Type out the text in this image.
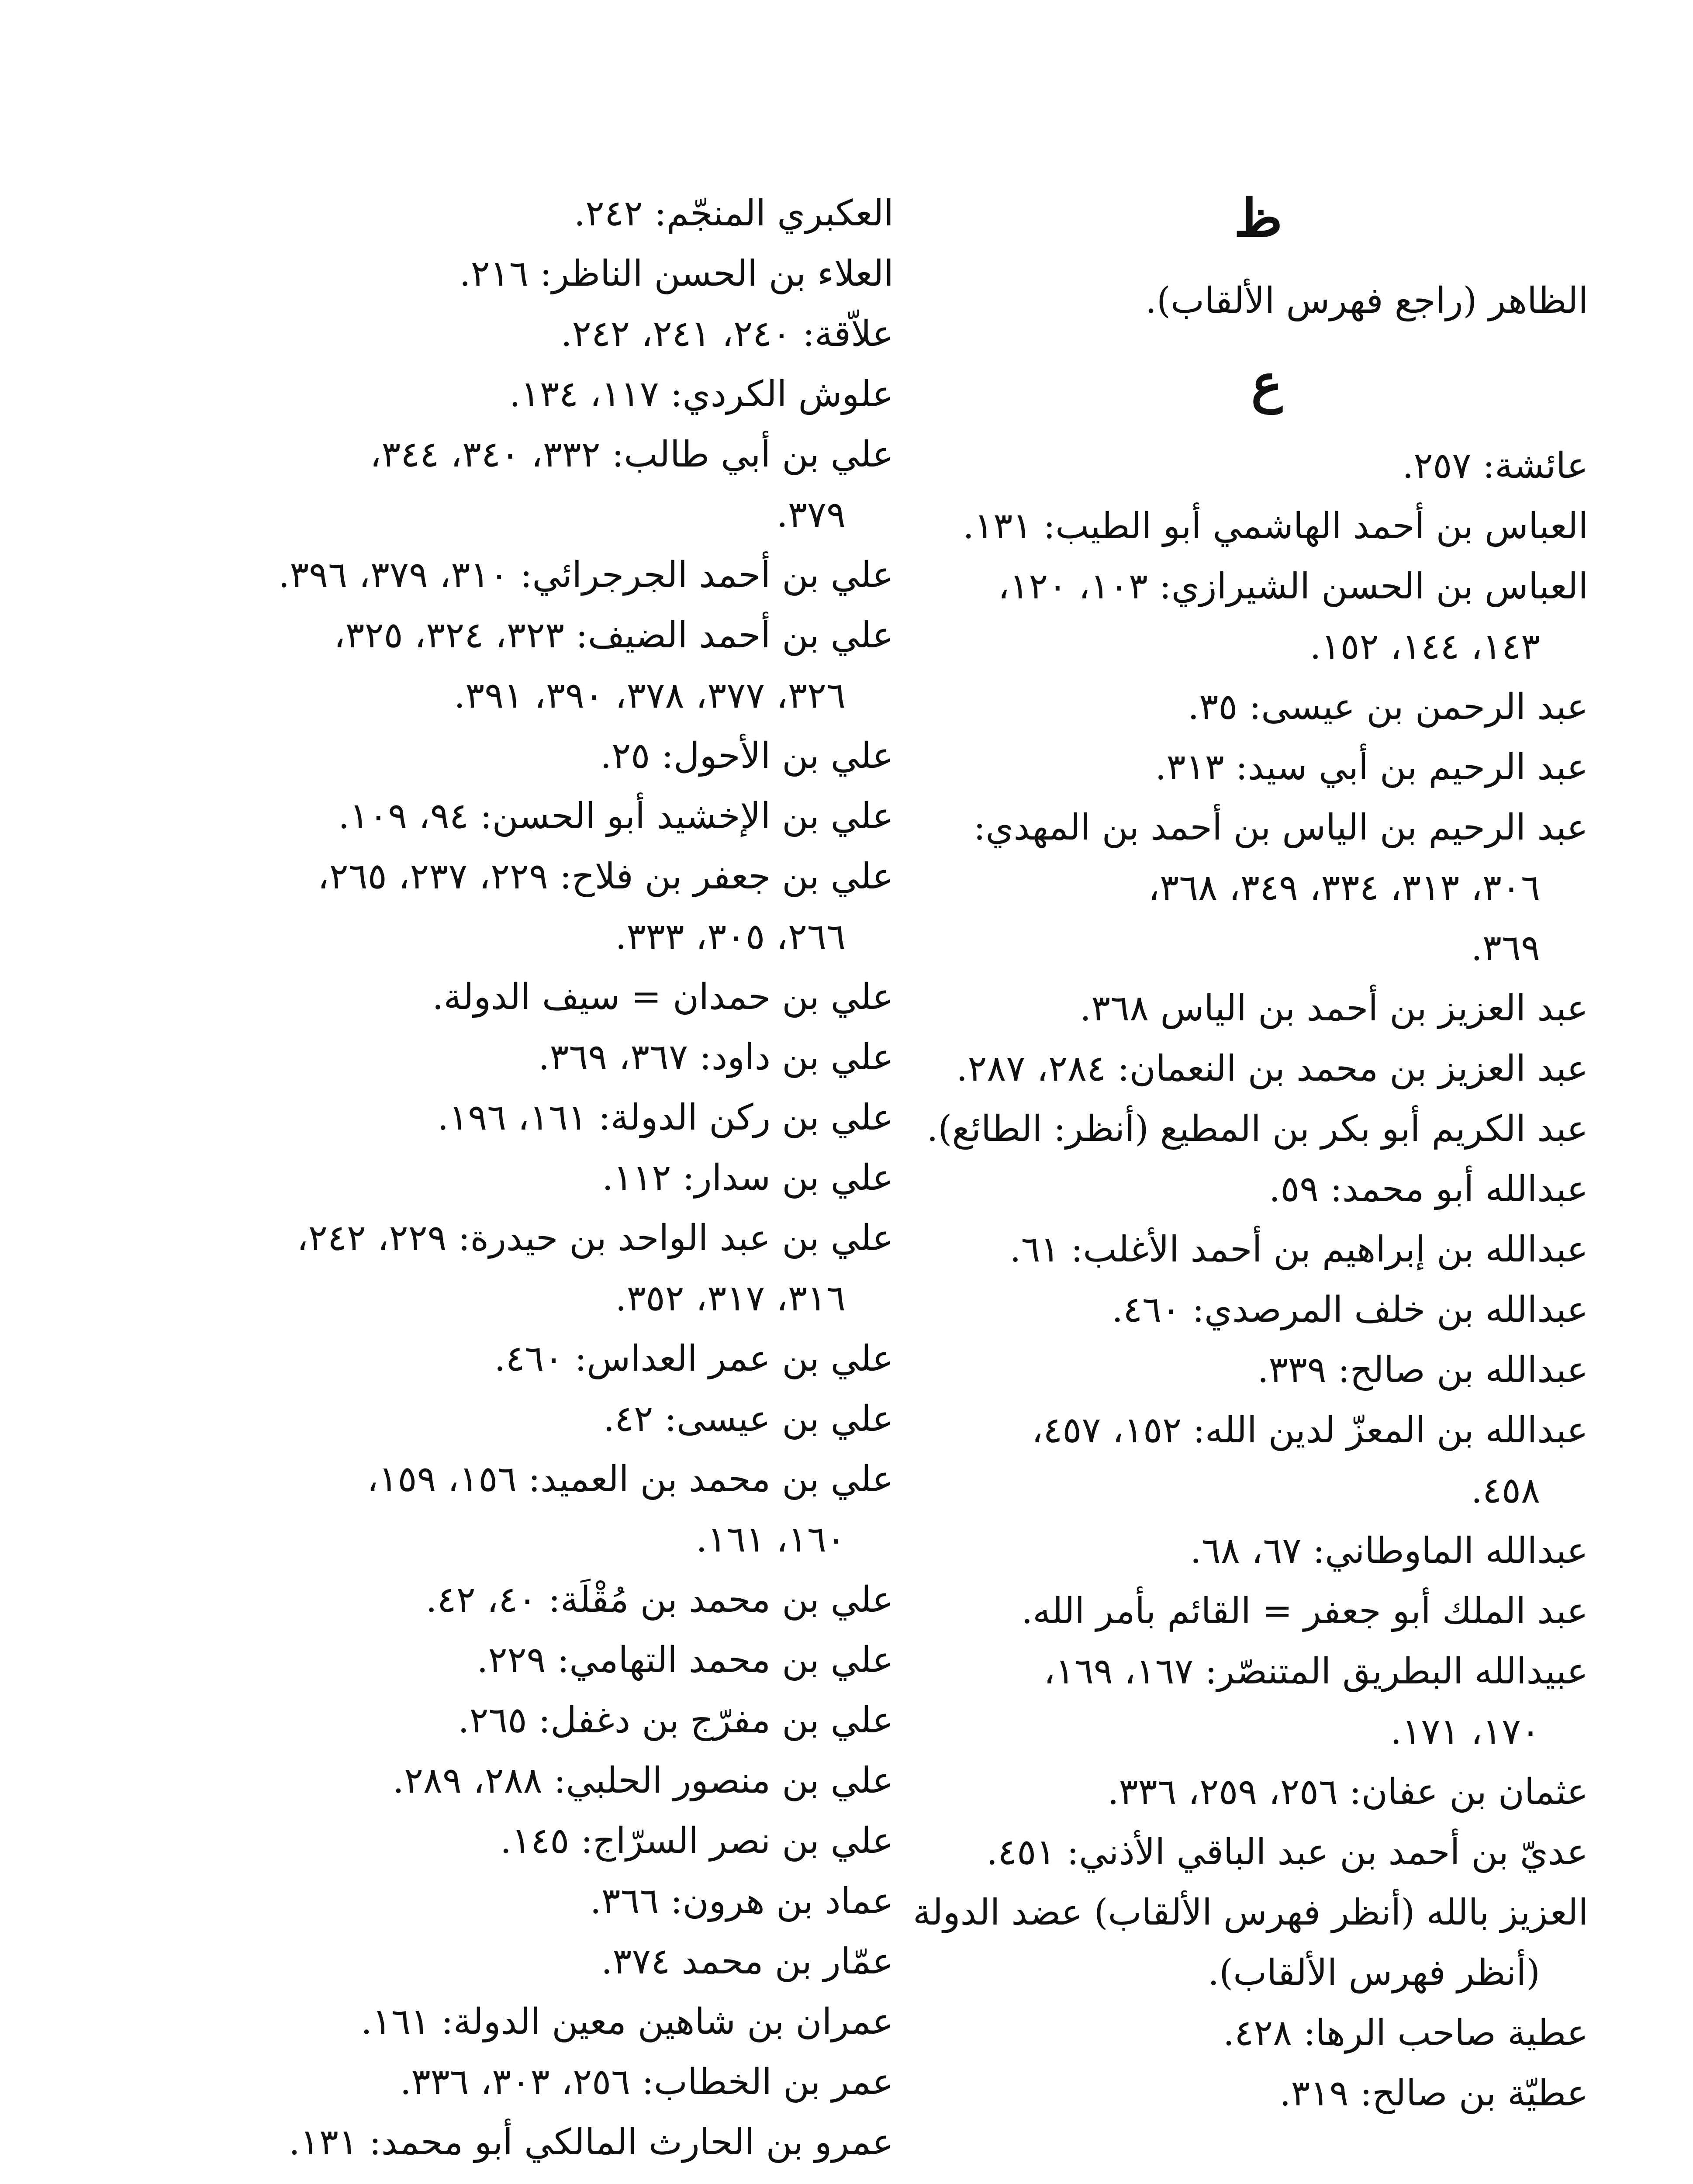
ظ
الظاهر (راجع فهرس الألقاب).
ع
عائشة: ٢٥٧.
العباس بن أحمد الهاشمي أبو الطيب: ١٣١.
العباس بن الحسن الشيرازي: ١٠٣، ١٢٠،
١٤٣، ١٤٤، ١٥٢.
عبد الرحمن بن عيسى: ٣٥.
عبد الرحيم بن أبي سيد: ٣١٣.
عبد الرحيم بن الياس بن أحمد بن المهدي:
٣٠٦، ٣١٣، ٣٣٤، ٣٤٩، ٣٦٨،
٣٦٩.
عبد العزيز بن أحمد بن الياس ٣٦٨.
عبد العزيز بن محمد بن النعمان: ٢٨٤، ٢٨٧.
عبد الكريم أبو بكر بن المطيع (أنظر: الطائع).
عبدالله أبو محمد: ٥٩.
عبدالله بن إبراهيم بن أحمد الأغلب: ٦١.
عبدالله بن خلف المرصدي: ٤٦٠.
عبدالله بن صالح: ٣٣٩.
عبدالله بن المعزّ لدين الله: ١٥٢، ٤٥٧،
٤٥٨.
عبدالله الماوطاني: ٦٧، ٦٨.
عبد الملك أبو جعفر = القائم بأمر الله.
عبيدالله البطريق المتنصّر: ١٦٧، ١٦٩،
١٧٠، ١٧١.
عثمان بن عفان: ٢٥٦، ٢٥٩، ٣٣٦.
عديّ بن أحمد بن عبد الباقي الأذني: ٤٥١.
العزيز بالله (أنظر فهرس الألقاب) عضد الدولة
(أنظر فهرس الألقاب).
عطية صاحب الرها: ٤٢٨.
عطيّة بن صالح: ٣١٩.
العكبري المنجّم: ٢٤٢.
العلاء بن الحسن الناظر: ٢١٦.
علاّقة: ٢٤٠، ٢٤١، ٢٤٢.
علوش الكردي: ١١٧، ١٣٤.
علي بن أبي طالب: ٣٣٢، ٣٤٠، ٣٤٤،
٣٧٩.
علي بن أحمد الجرجرائي: ٣١٠، ٣٧٩، ٣٩٦.
علي بن أحمد الضيف: ٣٢٣، ٣٢٤، ٣٢٥،
٣٢٦، ٣٧٧، ٣٧٨، ٣٩٠، ٣٩١.
علي بن الأحول: ٢٥.
علي بن الإخشيد أبو الحسن: ٩٤، ١٠٩.
علي بن جعفر بن فلاح: ٢٢٩، ٢٣٧، ٢٦٥،
٢٦٦، ٣٠٥، ٣٣٣.
علي بن حمدان = سيف الدولة.
علي بن داود: ٣٦٧، ٣٦٩.
علي بن ركن الدولة: ١٦١، ١٩٦.
علي بن سدار: ١١٢.
علي بن عبد الواحد بن حيدرة: ٢٢٩، ٢٤٢،
٣١٦، ٣١٧، ٣٥٢.
علي بن عمر العداس: ٤٦٠.
علي بن عيسى: ٤٢.
علي بن محمد بن العميد: ١٥٦، ١٥٩،
١٦٠، ١٦١.
علي بن محمد بن مُقْلَة: ٤٠، ٤٢.
علي بن محمد التهامي: ٢٢٩.
علي بن مفرّج بن دغفل: ٢٦٥.
علي بن منصور الحلبي: ٢٨٨، ٢٨٩.
علي بن نصر السرّاج: ١٤٥.
عماد بن هرون: ٣٦٦.
عمّار بن محمد ٣٧٤.
عمران بن شاهين معين الدولة: ١٦١.
عمر بن الخطاب: ٢٥٦، ٣٠٣، ٣٣٦.
عمرو بن الحارث المالكي أبو محمد: ١٣١.
